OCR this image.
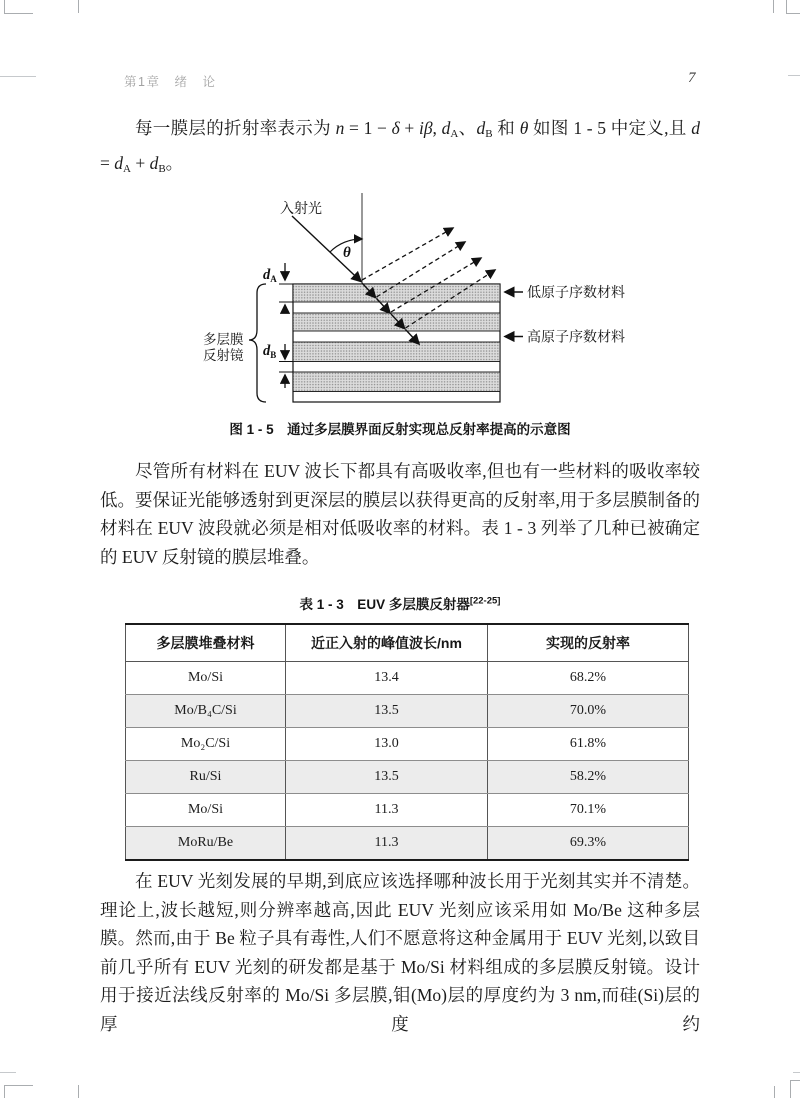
第1章　绪　论	7
每一膜层的折射率表示为 n = 1 − δ + iβ, dA、dB 和 θ 如图 1 - 5 中定义,且 d = dA + dB。
θ
入射光
$d_A$
$d_B$
多层膜
反射镜
低原子序数材料
高原子序数材料
图 1 - 5　通过多层膜界面反射实现总反射率提高的示意图
尽管所有材料在 EUV 波长下都具有高吸收率,但也有一些材料的吸收率较低。要保证光能够透射到更深层的膜层以获得更高的反射率,用于多层膜制备的材料在 EUV 波段就必须是相对低吸收率的材料。表 1 - 3 列举了几种已被确定的 EUV 反射镜的膜层堆叠。
表 1 - 3　EUV 多层膜反射器[22-25]
多层膜堆叠材料	近正入射的峰值波长/nm	实现的反射率
Mo/Si	13.4	68.2%
Mo/B₄C/Si	13.5	70.0%
Mo₂C/Si	13.0	61.8%
Ru/Si	13.5	58.2%
Mo/Si	11.3	70.1%
MoRu/Be	11.3	69.3%
在 EUV 光刻发展的早期,到底应该选择哪种波长用于光刻其实并不清楚。理论上,波长越短,则分辨率越高,因此 EUV 光刻应该采用如 Mo/Be 这种多层膜。然而,由于 Be 粒子具有毒性,人们不愿意将这种金属用于 EUV 光刻,以致目前几乎所有 EUV 光刻的研发都是基于 Mo/Si 材料组成的多层膜反射镜。设计用于接近法线反射率的 Mo/Si 多层膜,钼(Mo)层的厚度约为 3 nm,而硅(Si)层的厚度约
